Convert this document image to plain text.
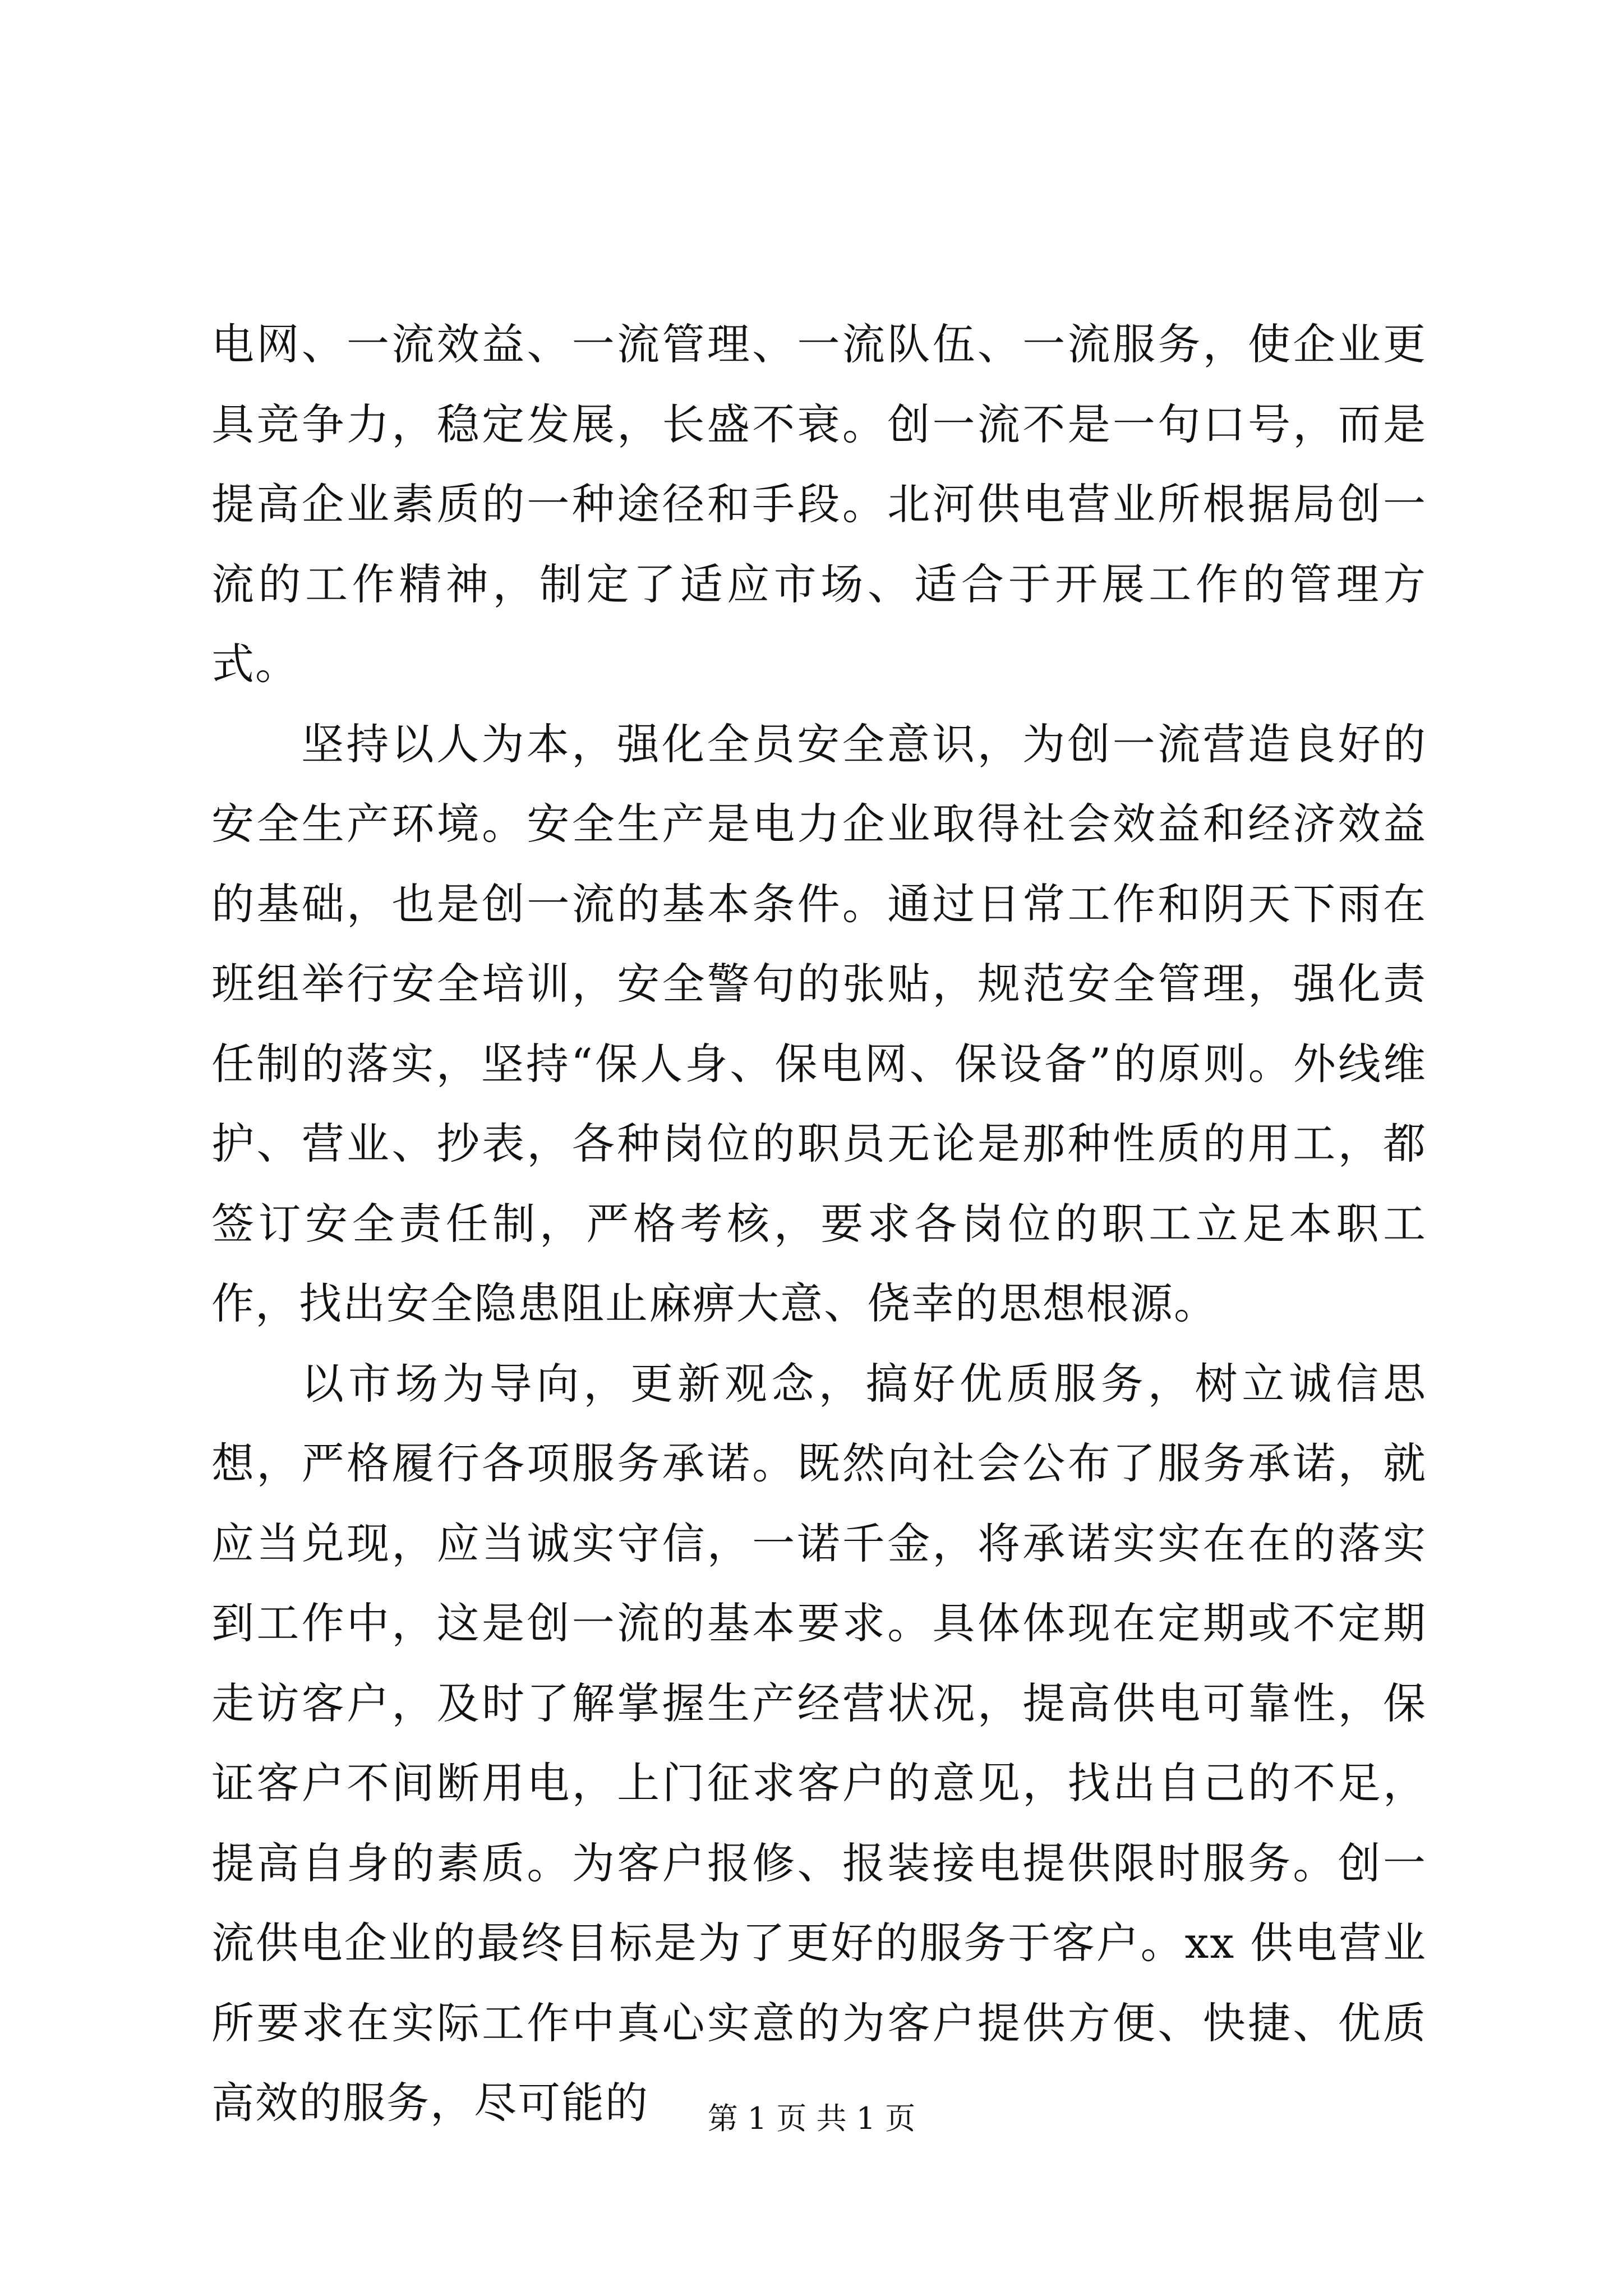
电网、一流效益、一流管理、一流队伍、一流服务，使企业更具竞争力，稳定发展，长盛不衰。创一流不是一句口号，而是提高企业素质的一种途径和手段。北河供电营业所根据局创一流的工作精神，制定了适应市场、适合于开展工作的管理方式。

坚持以人为本，强化全员安全意识，为创一流营造良好的安全生产环境。安全生产是电力企业取得社会效益和经济效益的基础，也是创一流的基本条件。通过日常工作和阴天下雨在班组举行安全培训，安全警句的张贴，规范安全管理，强化责任制的落实，坚持“保人身、保电网、保设备”的原则。外线维护、营业、抄表，各种岗位的职员无论是那种性质的用工，都签订安全责任制，严格考核，要求各岗位的职工立足本职工作，找出安全隐患阻止麻痹大意、侥幸的思想根源。

以市场为导向，更新观念，搞好优质服务，树立诚信思想，严格履行各项服务承诺。既然向社会公布了服务承诺，就应当兑现，应当诚实守信，一诺千金，将承诺实实在在的落实到工作中，这是创一流的基本要求。具体体现在定期或不定期走访客户，及时了解掌握生产经营状况，提高供电可靠性，保证客户不间断用电，上门征求客户的意见，找出自己的不足，提高自身的素质。为客户报修、报装接电提供限时服务。创一流供电企业的最终目标是为了更好的服务于客户。xx 供电营业所要求在实际工作中真心实意的为客户提供方便、快捷、优质高效的服务，尽可能的	第 1 页 共 1 页
